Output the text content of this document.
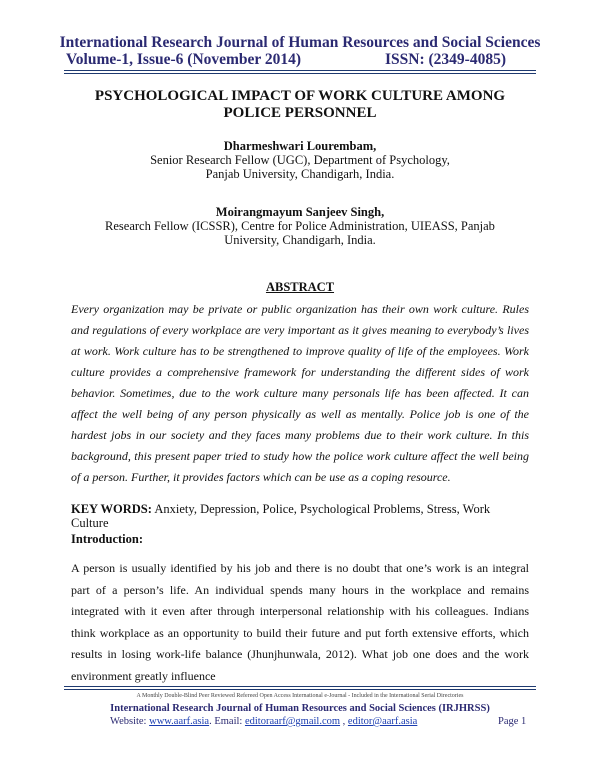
International Research Journal of Human Resources and Social Sciences
Volume-1, Issue-6 (November 2014)	ISSN: (2349-4085)
PSYCHOLOGICAL IMPACT OF WORK CULTURE AMONG
POLICE PERSONNEL
Dharmeshwari Lourembam,
Senior Research Fellow (UGC), Department of Psychology,
Panjab University, Chandigarh, India.
Moirangmayum Sanjeev Singh,
Research Fellow (ICSSR), Centre for Police Administration, UIEASS, Panjab
University, Chandigarh, India.
ABSTRACT
Every organization may be private or public organization has their own work culture. Rules and regulations of every workplace are very important as it gives meaning to everybody’s lives at work. Work culture has to be strengthened to improve quality of life of the employees. Work culture provides a comprehensive framework for understanding the different sides of work behavior. Sometimes, due to the work culture many personals life has been affected. It can affect the well being of any person physically as well as mentally. Police job is one of the hardest jobs in our society and they faces many problems due to their work culture. In this background, this present paper tried to study how the police work culture affect the well being of a person. Further, it provides factors which can be use as a coping resource.
KEY WORDS: Anxiety, Depression, Police, Psychological Problems, Stress, Work Culture
Introduction:
A person is usually identified by his job and there is no doubt that one’s work is an integral part of a person’s life. An individual spends many hours in the workplace and remains integrated with it even after through interpersonal relationship with his colleagues. Indians think workplace as an opportunity to build their future and put forth extensive efforts, which results in losing work-life balance (Jhunjhunwala, 2012). What job one does and the work environment greatly influence
A Monthly Double-Blind Peer Reviewed Refereed Open Access International e-Journal - Included in the International Serial Directories
International Research Journal of Human Resources and Social Sciences (IRJHRSS)
Website: www.aarf.asia. Email: editoraarf@gmail.com , editor@aarf.asia	Page 1
